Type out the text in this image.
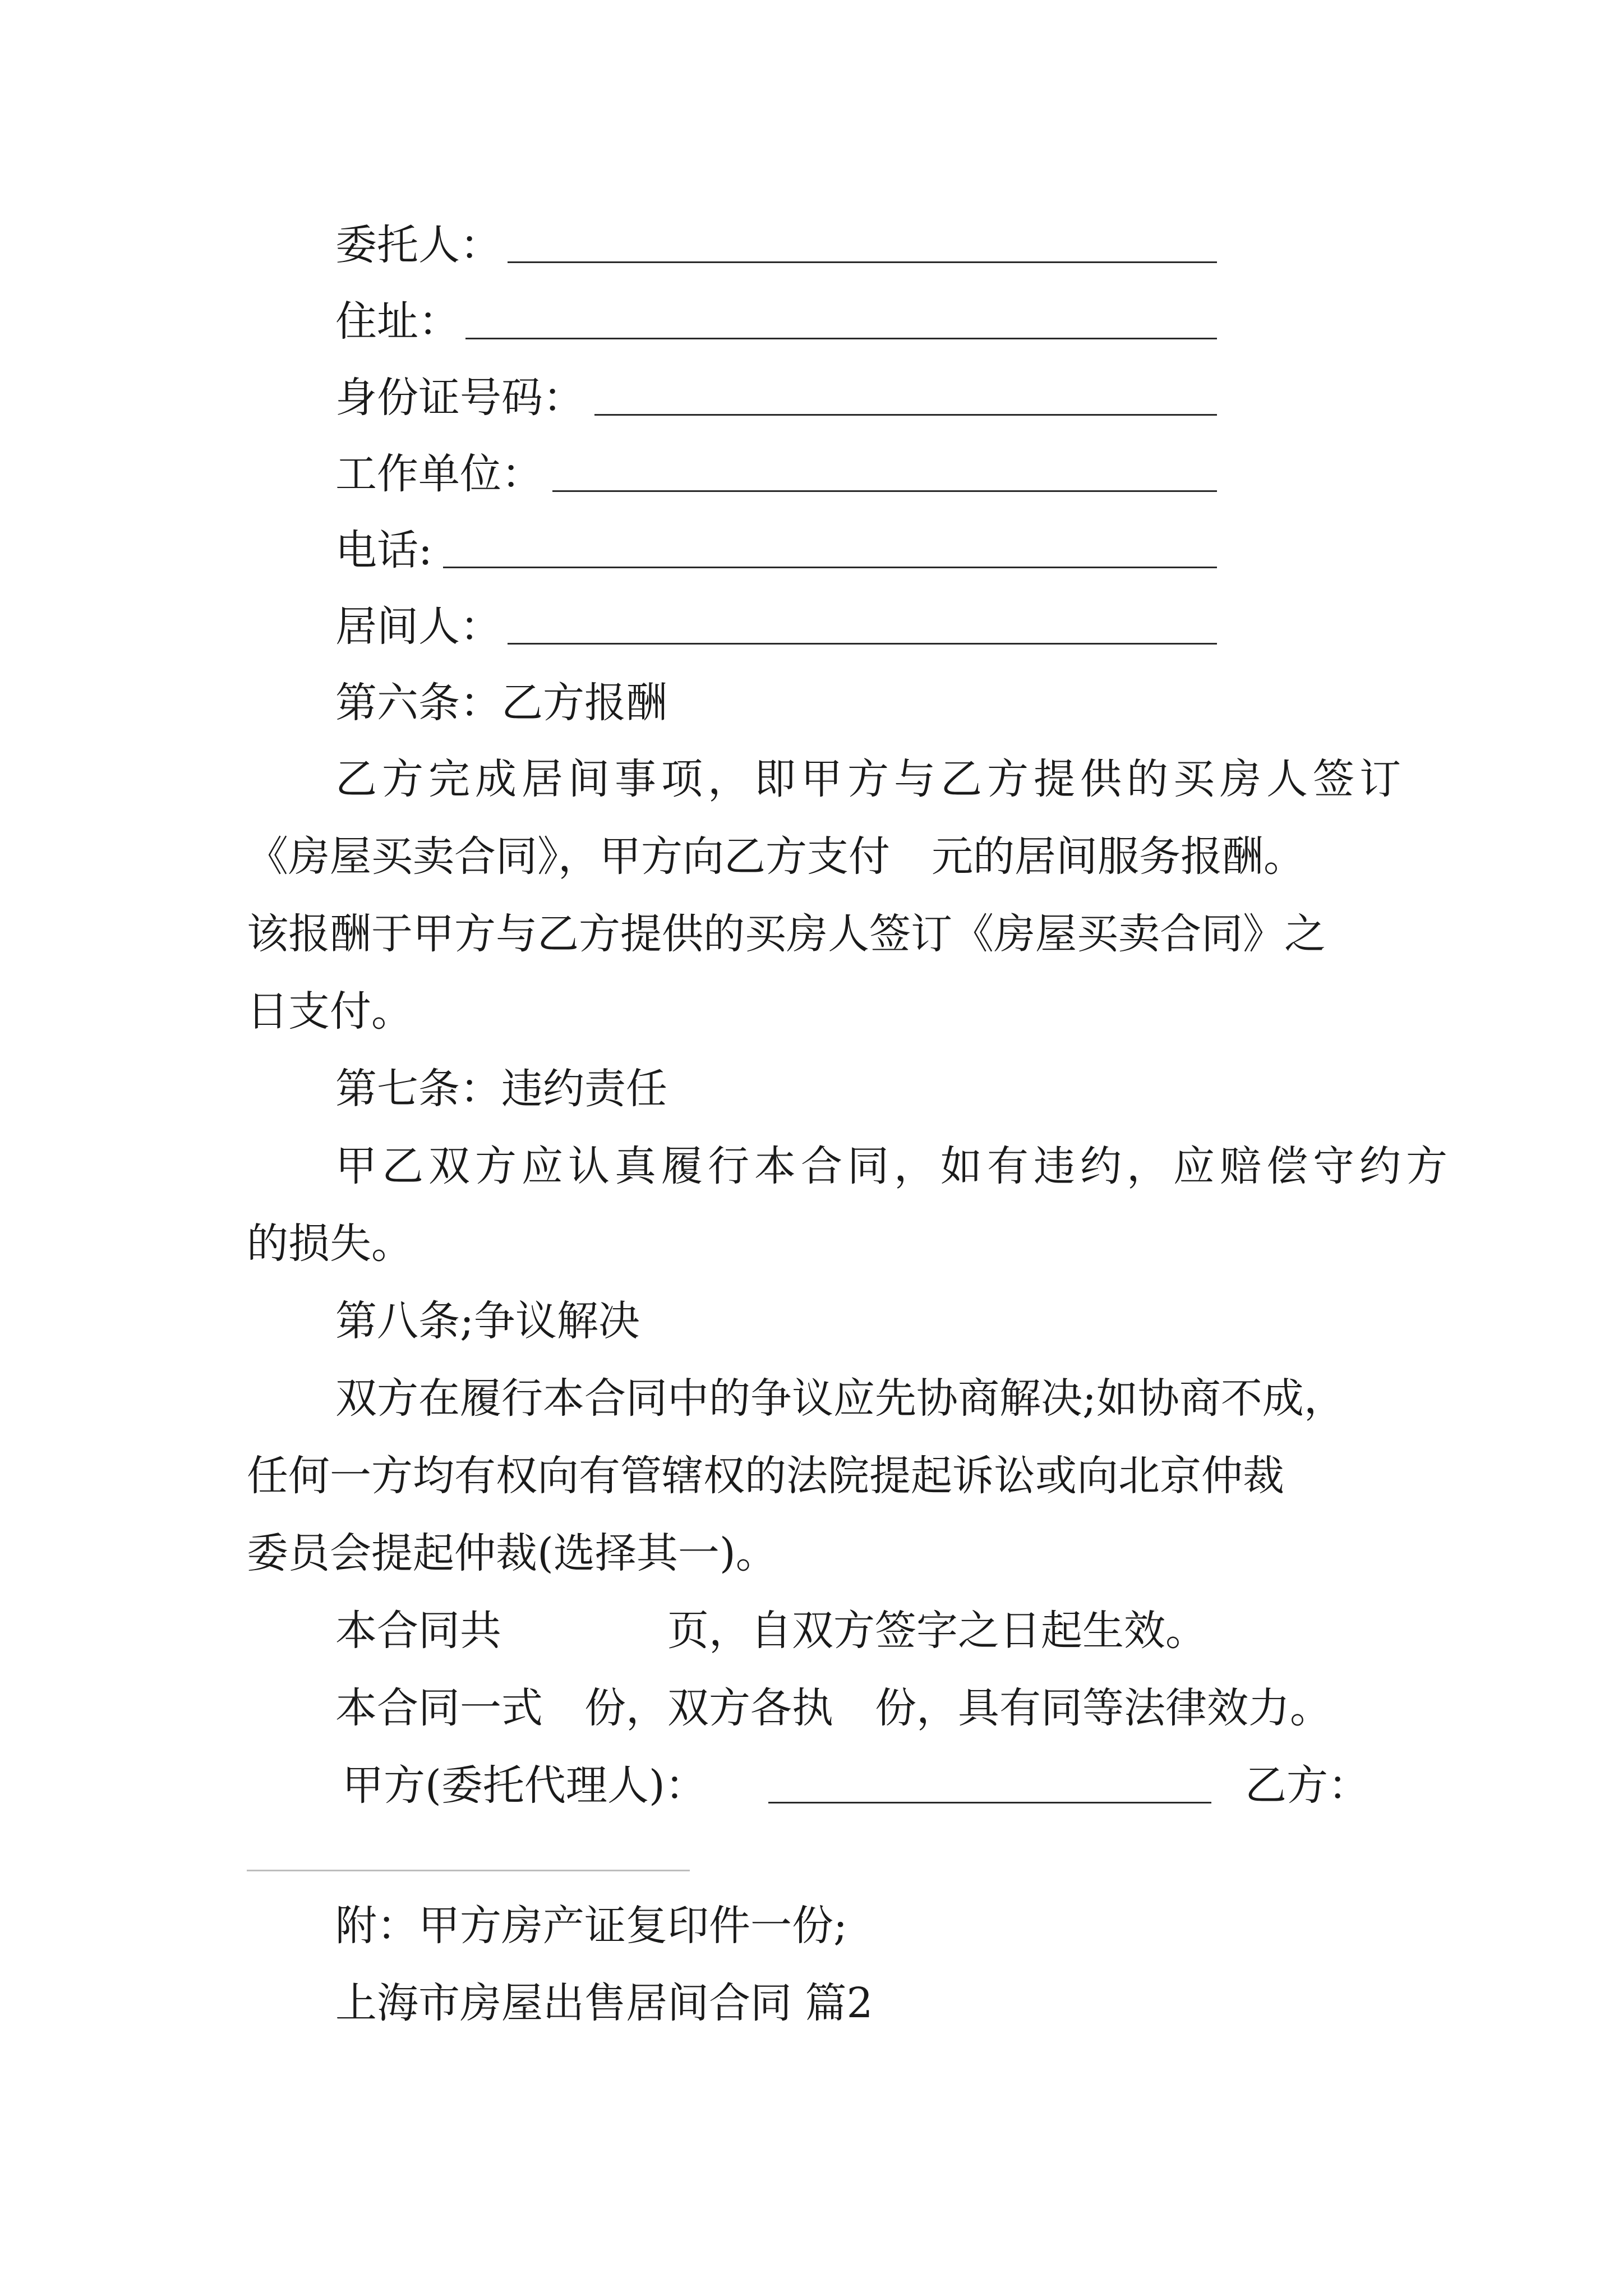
委托人：
住址：
身份证号码：
工作单位：
电话:
居间人：
第六条：乙方报酬
乙方完成居间事项，即甲方与乙方提供的买房人签订
《房屋买卖合同》，甲方向乙方支付　元的居间服务报酬。
该报酬于甲方与乙方提供的买房人签订《房屋买卖合同》之
日支付。
第七条：违约责任
甲乙双方应认真履行本合同，如有违约，应赔偿守约方
的损失。
第八条;争议解决
双方在履行本合同中的争议应先协商解决;如协商不成，
任何一方均有权向有管辖权的法院提起诉讼或向北京仲裁
委员会提起仲裁(选择其一)。
本合同共　　　　页，自双方签字之日起生效。
本合同一式　份，双方各执　份，具有同等法律效力。
甲方(委托代理人)：	乙方：
附：甲方房产证复印件一份;
上海市房屋出售居间合同 篇2
